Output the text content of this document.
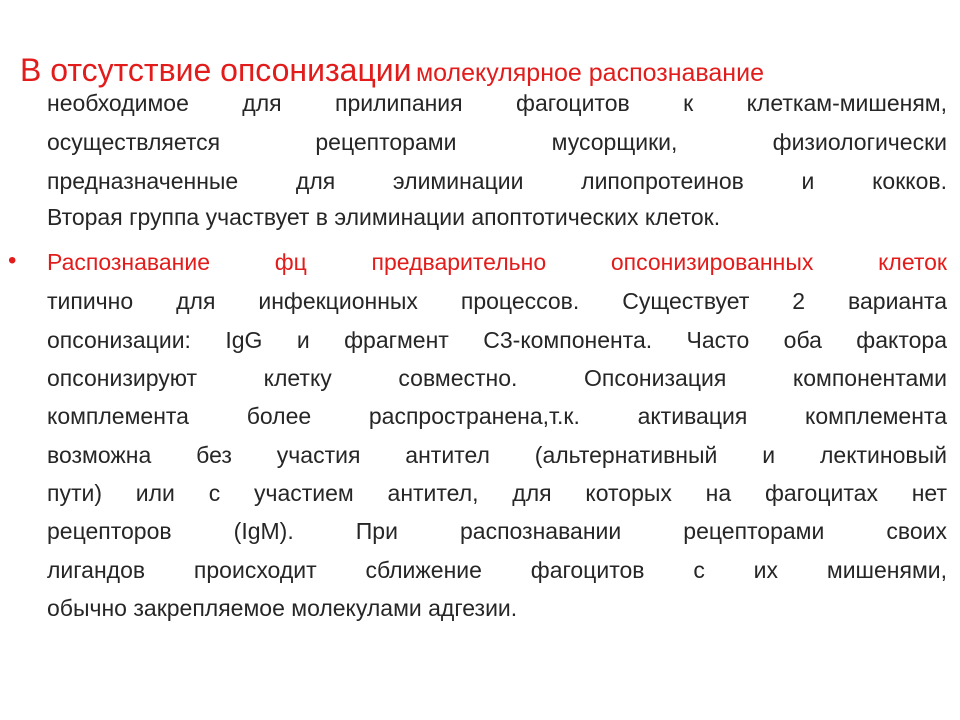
В отсутствие опсонизации молекулярное распознавание
необходимое для прилипания фагоцитов к клеткам-мишеням,
осуществляется рецепторами мусорщики, физиологически
предназначенные для элиминации липопротеинов и кокков.
Вторая группа участвует в элиминации апоптотических клеток.
• Распознавание фц предварительно опсонизированных клеток
типично для инфекционных процессов. Существует 2 варианта
опсонизации: IgG и фрагмент С3-компонента. Часто оба фактора
опсонизируют клетку совместно. Опсонизация компонентами
комплемента более распространена,т.к. активация комплемента
возможна без участия антител (альтернативный и лектиновый
пути) или с участием антител, для которых на фагоцитах нет
рецепторов (IgM). При распознавании рецепторами своих
лигандов происходит сближение фагоцитов с их мишенями,
обычно закрепляемое молекулами адгезии.
